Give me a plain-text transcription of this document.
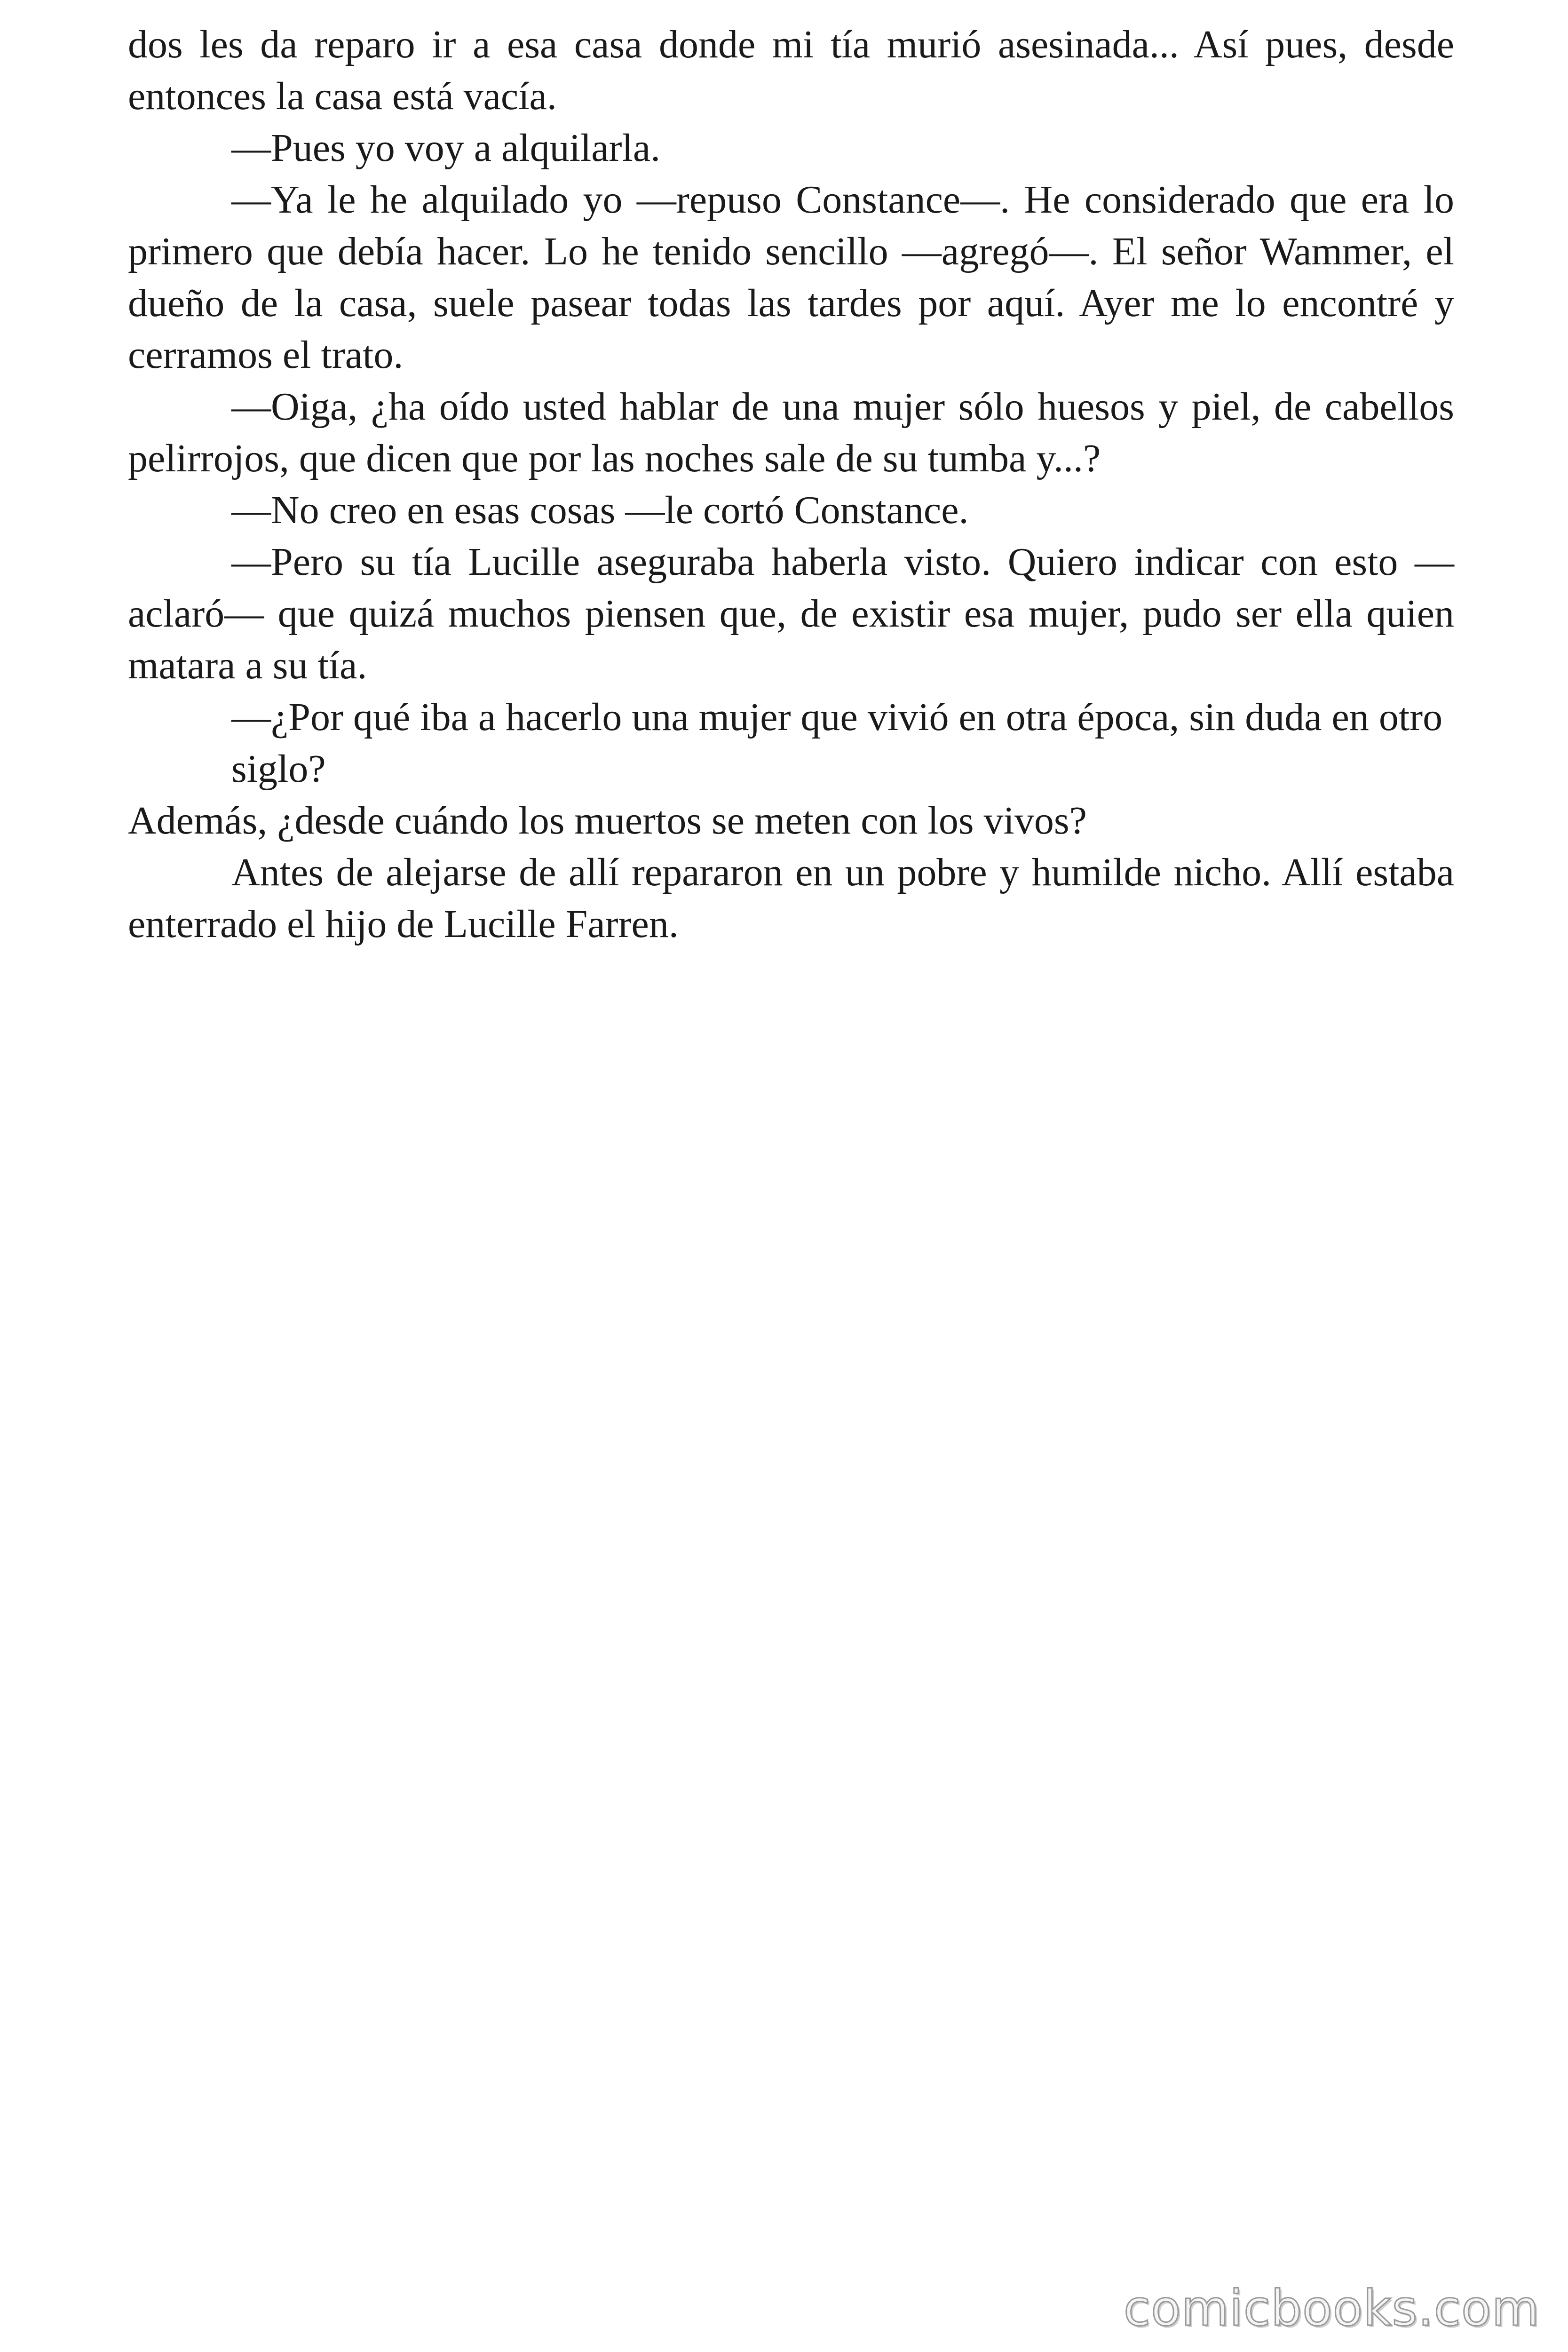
dos les da reparo ir a esa casa donde mi tía murió asesinada... Así pues, desde entonces la casa está vacía.

—Pues yo voy a alquilarla.

—Ya le he alquilado yo —repuso Constance—. He considerado que era lo primero que debía hacer. Lo he tenido sencillo —agregó—. El señor Wammer, el dueño de la casa, suele pasear todas las tardes por aquí. Ayer me lo encontré y cerramos el trato.

—Oiga, ¿ha oído usted hablar de una mujer sólo huesos y piel, de cabellos pelirrojos, que dicen que por las noches sale de su tumba y...?

—No creo en esas cosas —le cortó Constance.

—Pero su tía Lucille aseguraba haberla visto. Quiero indicar con esto —aclaró— que quizá muchos piensen que, de existir esa mujer, pudo ser ella quien matara a su tía.

—¿Por qué iba a hacerlo una mujer que vivió en otra época, sin duda en otro siglo?

Además, ¿desde cuándo los muertos se meten con los vivos?

Antes de alejarse de allí repararon en un pobre y humilde nicho. Allí estaba enterrado el hijo de Lucille Farren.

comicbooks.com
